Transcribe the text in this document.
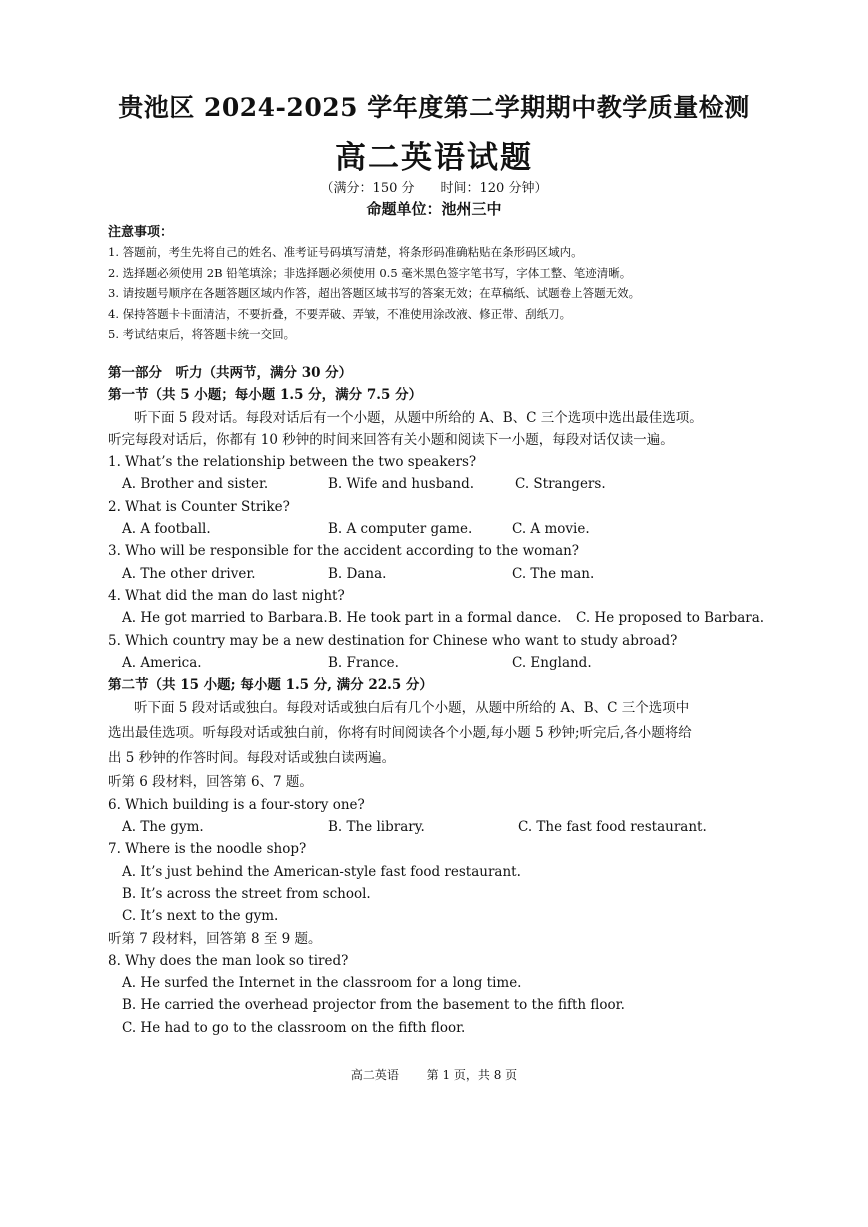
贵池区 2024-2025 学年度第二学期期中教学质量检测
高二英语试题
（满分：150 分　　时间：120 分钟）
命题单位：池州三中
注意事项：
1. 答题前，考生先将自己的姓名、准考证号码填写清楚，将条形码准确粘贴在条形码区域内。
2. 选择题必须使用 2B 铅笔填涂；非选择题必须使用 0.5 毫米黑色签字笔书写，字体工整、笔迹清晰。
3. 请按题号顺序在各题答题区域内作答，超出答题区域书写的答案无效；在草稿纸、试题卷上答题无效。
4. 保持答题卡卡面清洁，不要折叠，不要弄破、弄皱，不准使用涂改液、修正带、刮纸刀。
5. 考试结束后，将答题卡统一交回。
第一部分　听力（共两节，满分 30 分）
第一节（共 5 小题；每小题 1.5 分，满分 7.5 分）
听下面 5 段对话。每段对话后有一个小题，从题中所给的 A、B、C 三个选项中选出最佳选项。
听完每段对话后，你都有 10 秒钟的时间来回答有关小题和阅读下一小题，每段对话仅读一遍。
1. What’s the relationship between the two speakers?
A. Brother and sister.	B. Wife and husband.	C. Strangers.
2. What is Counter Strike?
A. A football.	B. A computer game.	C. A movie.
3. Who will be responsible for the accident according to the woman?
A. The other driver.	B. Dana.	C. The man.
4. What did the man do last night?
A. He got married to Barbara. B. He took part in a formal dance. C. He proposed to Barbara.
5. Which country may be a new destination for Chinese who want to study abroad?
A. America.	B. France.	C. England.
第二节（共 15 小题; 每小题 1.5 分, 满分 22.5 分）
听下面 5 段对话或独白。每段对话或独白后有几个小题，从题中所给的 A、B、C 三个选项中
选出最佳选项。听每段对话或独白前，你将有时间阅读各个小题,每小题 5 秒钟;听完后,各小题将给
出 5 秒钟的作答时间。每段对话或独白读两遍。
听第 6 段材料，回答第 6、7 题。
6. Which building is a four-story one?
A. The gym.	B. The library.	C. The fast food restaurant.
7. Where is the noodle shop?
A. It’s just behind the American-style fast food restaurant.
B. It’s across the street from school.
C. It’s next to the gym.
听第 7 段材料，回答第 8 至 9 题。
8. Why does the man look so tired?
A. He surfed the Internet in the classroom for a long time.
B. He carried the overhead projector from the basement to the fifth floor.
C. He had to go to the classroom on the fifth floor.
高二英语 第 1 页，共 8 页
